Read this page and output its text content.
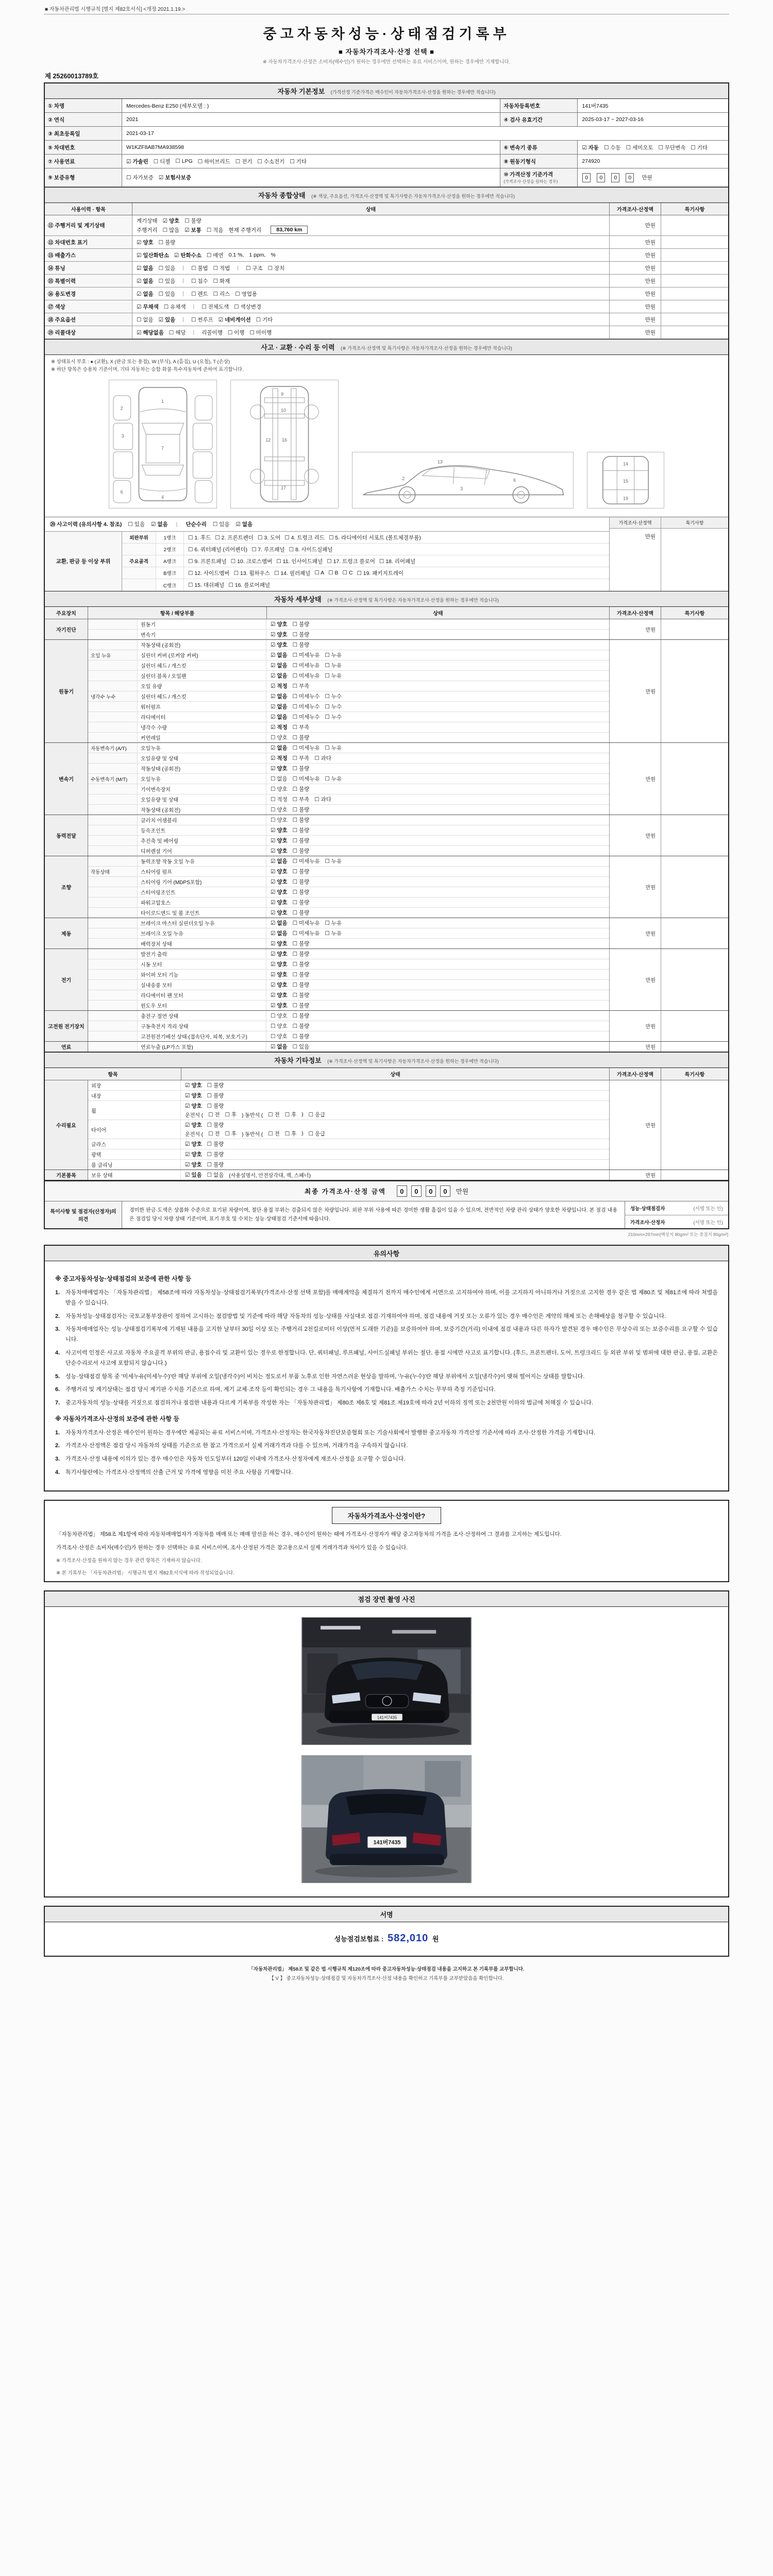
■ 자동차관리법 시행규칙 [별지 제82호서식] <개정 2021.1.19.>
중고자동차성능·상태점검기록부
■ 자동차가격조사·산정 선택 ■
※ 자동차가격조사·산정은 소비자(매수인)가 원하는 경우에만 선택하는 유료 서비스이며, 원하는 경우에만 기재합니다.
제 25260013789호
자동차 기본정보 (가격산정 기준가격은 매수인이 자동차가격조사·산정을 원하는 경우에만 적습니다)
① 차명	Mercedes-Benz E250 (세부모델 : )	자동차등록번호	141버7435
② 연식	2021	④ 검사 유효기간	2025-03-17 ~ 2027-03-16
③ 최초등록일	2021-03-17
⑤ 차대번호	W1KZF8AB7MA938598	⑥ 변속기 종류	☑ 자동 ☐ 수동 ☐ 세미오토 ☐ 무단변속 ☐ 기타
⑦ 사용연료	☑ 가솔린 ☐ 디젤 ☐ LPG ☐ 하이브리드 ☐ 전기 ☐ 수소전기 ☐ 기타	⑧ 원동기형식	274920
⑨ 보증유형	☐ 자가보증 ☑ 보험사보증	⑩ 가격산정 기준가격
(가격조사·산정을 원하는 경우)
0	0	0	0	만원
자동차 종합상태 (※ 색상, 주요옵션, 가격조사·산정액 및 특기사항은 자동차가격조사·산정을 원하는 경우에만 적습니다)
사용이력 · 항목	상태	가격조사·산정액	특기사항
⑪ 주행거리 및 계기상태
계기상태 ☑ 양호 ☐ 불량
주행거리 ☐ 많음 ☑ 보통 ☐ 적음 현재 주행거리	83,760 km
만원
⑫ 차대번호 표기	☑ 양호 ☐ 불량	만원
⑬ 배출가스	☑ 일산화탄소 ☑ 탄화수소 ☐ 매연 0.1 %, 1 ppm, %	만원
⑭ 튜닝	☑ 없음 ☐ 있음 | ☐ 불법 ☐ 적법 | ☐ 구조 ☐ 장치	만원
⑮ 특별이력	☑ 없음 ☐ 있음 | ☐ 침수 ☐ 화재	만원
⑯ 용도변경	☑ 없음 ☐ 있음 | ☐ 렌트 ☐ 리스 ☐ 영업용	만원
⑰ 색상	☑ 무채색 ☐ 유채색 | ☐ 전체도색 ☐ 색상변경	만원
⑱ 주요옵션	☐ 없음 ☑ 있음 | ☐ 썬루프 ☑ 네비게이션 ☐ 기타	만원
⑲ 리콜대상	☑ 해당없음 ☐ 해당 | 리콜이행 ☐ 이행 ☐ 미이행	만원
사고 · 교환 · 수리 등 이력 (※ 가격조사·산정액 및 특기사항은 자동차가격조사·산정을 원하는 경우에만 적습니다)
※ 상태표시 부호 : ● (교환), X (판금 또는 용접), W (부식), A (흠집), U (요철), T (손상)
※ 하단 항목은 승용차 기준이며, 기타 자동차는 승합·화물·특수자동차에 준하여 표기합니다.
1
2
3
7
6
4
9
10
12 16
17
2
3
6
13	14
15
19
⑳ 사고이력 (유의사항 4. 참조) ☐ 있음 ☑ 없음 | 단순수리 ☐ 있음 ☑ 없음
교환, 판금 등 이상 부위
외판부위	1랭크	☐ 1. 후드 ☐ 2. 프론트펜더 ☐ 3. 도어 ☐ 4. 트렁크 리드 ☐ 5. 라디에이터 서포트 (볼트체결부품)
2랭크	☐ 6. 쿼터패널 (리어펜더) ☐ 7. 루프패널 ☐ 8. 사이드실패널
주요골격	A랭크	☐ 9. 프론트패널 ☐ 10. 크로스멤버 ☐ 11. 인사이드패널 ☐ 17. 트렁크 플로어 ☐ 18. 리어패널
B랭크	☐ 12. 사이드멤버 ☐ 13. 휠하우스 ☐ 14. 필러패널 ☐ A ☐ B ☐ C ☐ 19. 패키지트레이
C랭크	☐ 15. 대쉬패널 ☐ 16. 플로어패널
가격조사·산정액
만원
특기사항
자동차 세부상태 (※ 가격조사·산정액 및 특기사항은 자동차가격조사·산정을 원하는 경우에만 적습니다)
주요장치	항목 / 해당부품	상태	가격조사·산정액	특기사항
자기진단
원동기	☑ 양호 ☐ 불량
변속기	☑ 양호 ☐ 불량
만원
원동기
작동상태 (공회전)	☑ 양호 ☐ 불량
오일 누유	실린더 커버 (로커암 커버)	☑ 없음 ☐ 미세누유 ☐ 누유
실린더 헤드 / 개스킷	☑ 없음 ☐ 미세누유 ☐ 누유
실린더 블록 / 오일팬	☑ 없음 ☐ 미세누유 ☐ 누유
오일 유량	☑ 적정 ☐ 부족
냉각수 누수	실린더 헤드 / 개스킷	☑ 없음 ☐ 미세누수 ☐ 누수
워터펌프	☑ 없음 ☐ 미세누수 ☐ 누수
라디에이터	☑ 없음 ☐ 미세누수 ☐ 누수
냉각수 수량	☑ 적정 ☐ 부족
커먼레일	☐ 양호 ☐ 불량
만원
변속기
자동변속기 (A/T)	오일누유	☑ 없음 ☐ 미세누유 ☐ 누유
오일유량 및 상태	☑ 적정 ☐ 부족 ☐ 과다
작동상태 (공회전)	☑ 양호 ☐ 불량
수동변속기 (M/T)	오일누유	☐ 없음 ☐ 미세누유 ☐ 누유
기어변속장치	☐ 양호 ☐ 불량
오일유량 및 상태	☐ 적정 ☐ 부족 ☐ 과다
작동상태 (공회전)	☐ 양호 ☐ 불량
만원
동력전달
클러치 어셈블리	☐ 양호 ☐ 불량
등속조인트	☑ 양호 ☐ 불량
추진축 및 베어링	☑ 양호 ☐ 불량
디퍼렌셜 기어	☑ 양호 ☐ 불량
만원
조향
동력조향 작동 오일 누유	☑ 없음 ☐ 미세누유 ☐ 누유
작동상태	스티어링 펌프	☑ 양호 ☐ 불량
스티어링 기어 (MDPS포함)	☑ 양호 ☐ 불량
스티어링조인트	☑ 양호 ☐ 불량
파워고압호스	☑ 양호 ☐ 불량
타이로드엔드 및 볼 조인트	☑ 양호 ☐ 불량
만원
제동
브레이크 마스터 실린더오일 누유	☑ 없음 ☐ 미세누유 ☐ 누유
브레이크 오일 누유	☑ 없음 ☐ 미세누유 ☐ 누유
배력장치 상태	☑ 양호 ☐ 불량
만원
전기
발전기 출력	☑ 양호 ☐ 불량
시동 모터	☑ 양호 ☐ 불량
와이퍼 모터 기능	☑ 양호 ☐ 불량
실내송풍 모터	☑ 양호 ☐ 불량
라디에이터 팬 모터	☑ 양호 ☐ 불량
윈도우 모터	☑ 양호 ☐ 불량
만원
고전원 전기장치
충전구 절연 상태	☐ 양호 ☐ 불량
구동축전지 격리 상태	☐ 양호 ☐ 불량
고전원전기배선 상태 (접속단자, 피복, 보호기구)	☐ 양호 ☐ 불량
만원
연료	연료누출 (LP가스 포함)	☑ 없음 ☐ 있음	만원
자동차 기타정보 (※ 가격조사·산정액 및 특기사항은 자동차가격조사·산정을 원하는 경우에만 적습니다)
항목	상태	가격조사·산정액	특기사항
수리필요
외장	☑ 양호 ☐ 불량
내장	☑ 양호 ☐ 불량
휠
☑ 양호 ☐ 불량
운전석 ( ☐ 전 ☐ 후 ) 동반석 ( ☐ 전 ☐ 후 ) ☐ 응급
타이어
☑ 양호 ☐ 불량
운전석 ( ☐ 전 ☐ 후 ) 동반석 ( ☐ 전 ☐ 후 ) ☐ 응급
글라스	☑ 양호 ☐ 불량
광택	☑ 양호 ☐ 불량
룸 클리닝	☑ 양호 ☐ 불량
만원
기본품목	보유 상태	☑ 있음 ☐ 없음 (사용설명서, 안전삼각대, 잭, 스패너)	만원
최종 가격조사·산정 금액	0	0	0	0	만원
특이사항 및 점검자(산정자)의 의견
경미한 판금·도색은 상품화 수준으로 표기된 차량이며, 절단·용접 부위는 검출되지 않은 차량입니다. 외판 부위 사용에 따른 경미한 생활 흠집이 있을 수 있으며, 전반적인 차량 관리 상태가 양호한 차량입니다. 본 점검 내용은 점검일 당시 차량 상태 기준이며, 표기 부호 및 수치는 성능·상태점검 기준서에 따릅니다.
성능·상태점검자	(서명 또는 인)
가격조사·산정자	(서명 또는 인)
210mm×297mm[백상지 80g/m² 또는 중질지 80g/m²]
유의사항
※ 중고자동차성능·상태점검의 보증에 관한 사항 등
1. 자동차매매업자는 「자동차관리법」 제58조에 따라 자동차성능·상태점검기록부(가격조사·산정 선택 포함)를 매매계약을 체결하기 전까지 매수인에게 서면으로 고지하여야 하며, 이를 고지하지 아니하거나 거짓으로 고지한 경우 같은 법 제80조 및 제81조에 따라 처벌을 받을 수 있습니다.
2. 자동차성능·상태점검자는 국토교통부장관이 정하여 고시하는 점검방법 및 기준에 따라 해당 자동차의 성능·상태를 사실대로 점검·기재하여야 하며, 점검 내용에 거짓 또는 오류가 있는 경우 매수인은 계약의 해제 또는 손해배상을 청구할 수 있습니다.
3. 자동차매매업자는 성능·상태점검기록부에 기재된 내용을 고지한 날부터 30일 이상 또는 주행거리 2천킬로미터 이상(먼저 도래한 기준)을 보증하여야 하며, 보증기간(거리) 이내에 점검 내용과 다른 하자가 발견된 경우 매수인은 무상수리 또는 보증수리를 요구할 수 있습니다.
4. 사고이력 인정은 사고로 자동차 주요골격 부위의 판금, 용접수리 및 교환이 있는 경우로 한정합니다. 단, 쿼터패널, 루프패널, 사이드실패널 부위는 절단, 용접 시에만 사고로 표기합니다. (후드, 프론트펜더, 도어, 트렁크리드 등 외판 부위 및 범퍼에 대한 판금, 용접, 교환은 단순수리로서 사고에 포함되지 않습니다.)
5. 성능·상태점검 항목 중 '미세누유(미세누수)'란 해당 부위에 오일(냉각수)이 비치는 정도로서 부품 노후로 인한 자연스러운 현상을 말하며, '누유(누수)'란 해당 부위에서 오일(냉각수)이 맺혀 떨어지는 상태를 말합니다.
6. 주행거리 및 계기상태는 점검 당시 계기판 수치를 기준으로 하며, 계기 교체·조작 등이 확인되는 경우 그 내용을 특기사항에 기재합니다. 배출가스 수치는 무부하 측정 기준입니다.
7. 중고자동차의 성능·상태를 거짓으로 점검하거나 점검한 내용과 다르게 기록부를 작성한 자는 「자동차관리법」 제80조 제6호 및 제81조 제19호에 따라 2년 이하의 징역 또는 2천만원 이하의 벌금에 처해질 수 있습니다.
※ 자동차가격조사·산정의 보증에 관한 사항 등
1. 자동차가격조사·산정은 매수인이 원하는 경우에만 제공되는 유료 서비스이며, 가격조사·산정자는 한국자동차진단보증협회 또는 기술사회에서 발행한 중고자동차 가격산정 기준서에 따라 조사·산정한 가격을 기재합니다.
2. 가격조사·산정액은 점검 당시 자동차의 상태를 기준으로 한 참고 가격으로서 실제 거래가격과 다를 수 있으며, 거래가격을 구속하지 않습니다.
3. 가격조사·산정 내용에 이의가 있는 경우 매수인은 자동차 인도일부터 120일 이내에 가격조사·산정자에게 재조사·산정을 요구할 수 있습니다.
4. 특기사항란에는 가격조사·산정액의 산출 근거 및 가격에 영향을 미친 주요 사항을 기재합니다.
자동차가격조사·산정이란?

「자동차관리법」 제58조 제1항에 따라 자동차매매업자가 자동차를 매매 또는 매매 알선을 하는 경우, 매수인이 원하는 때에 가격조사·산정자가 해당 중고자동차의 가격을 조사·산정하여 그 결과를 고지하는 제도입니다.

가격조사·산정은 소비자(매수인)가 원하는 경우 선택하는 유료 서비스이며, 조사·산정된 가격은 참고용으로서 실제 거래가격과 차이가 있을 수 있습니다.

※ 가격조사·산정을 원하지 않는 경우 관련 항목은 기재하지 않습니다.

※ 본 기록부는 「자동차관리법」 시행규칙 별지 제82호서식에 따라 작성되었습니다.

점검 장면 촬영 사진
141버7435
141버7435
서명
성능점검보험료 : 582,010 원
「자동차관리법」 제58조 및 같은 법 시행규칙 제120조에 따라 중고자동차성능·상태점검 내용을 고지하고 본 기록부를 교부합니다.
【 V 】 중고자동차성능·상태점검 및 자동차가격조사·산정 내용을 확인하고 기록부를 교부받았음을 확인합니다.
